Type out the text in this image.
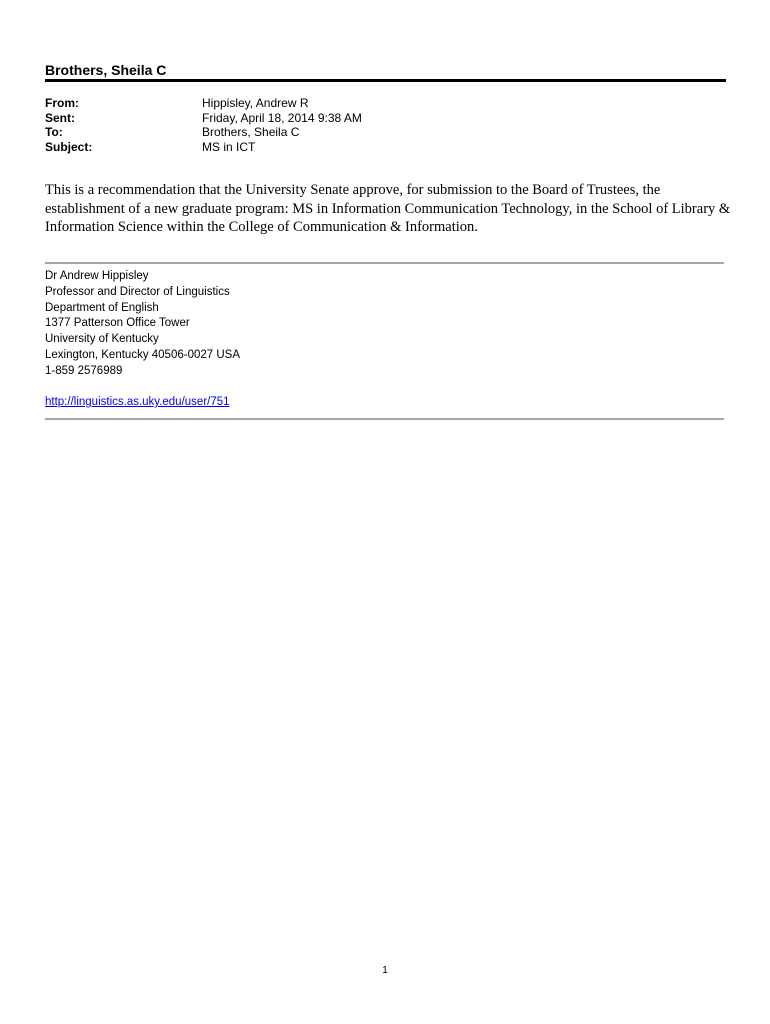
Brothers, Sheila C
From:	Hippisley, Andrew R
Sent:	Friday, April 18, 2014 9:38 AM
To:	Brothers, Sheila C
Subject:	MS in ICT

This is a recommendation that the University Senate approve, for submission to the Board of Trustees, the establishment of a new graduate program: MS in Information Communication Technology, in the School of Library & Information Science within the College of Communication & Information.

Dr Andrew Hippisley
Professor and Director of Linguistics
Department of English
1377 Patterson Office Tower
University of Kentucky
Lexington, Kentucky 40506-0027 USA
1-859 2576989
http://linguistics.as.uky.edu/user/751
1
